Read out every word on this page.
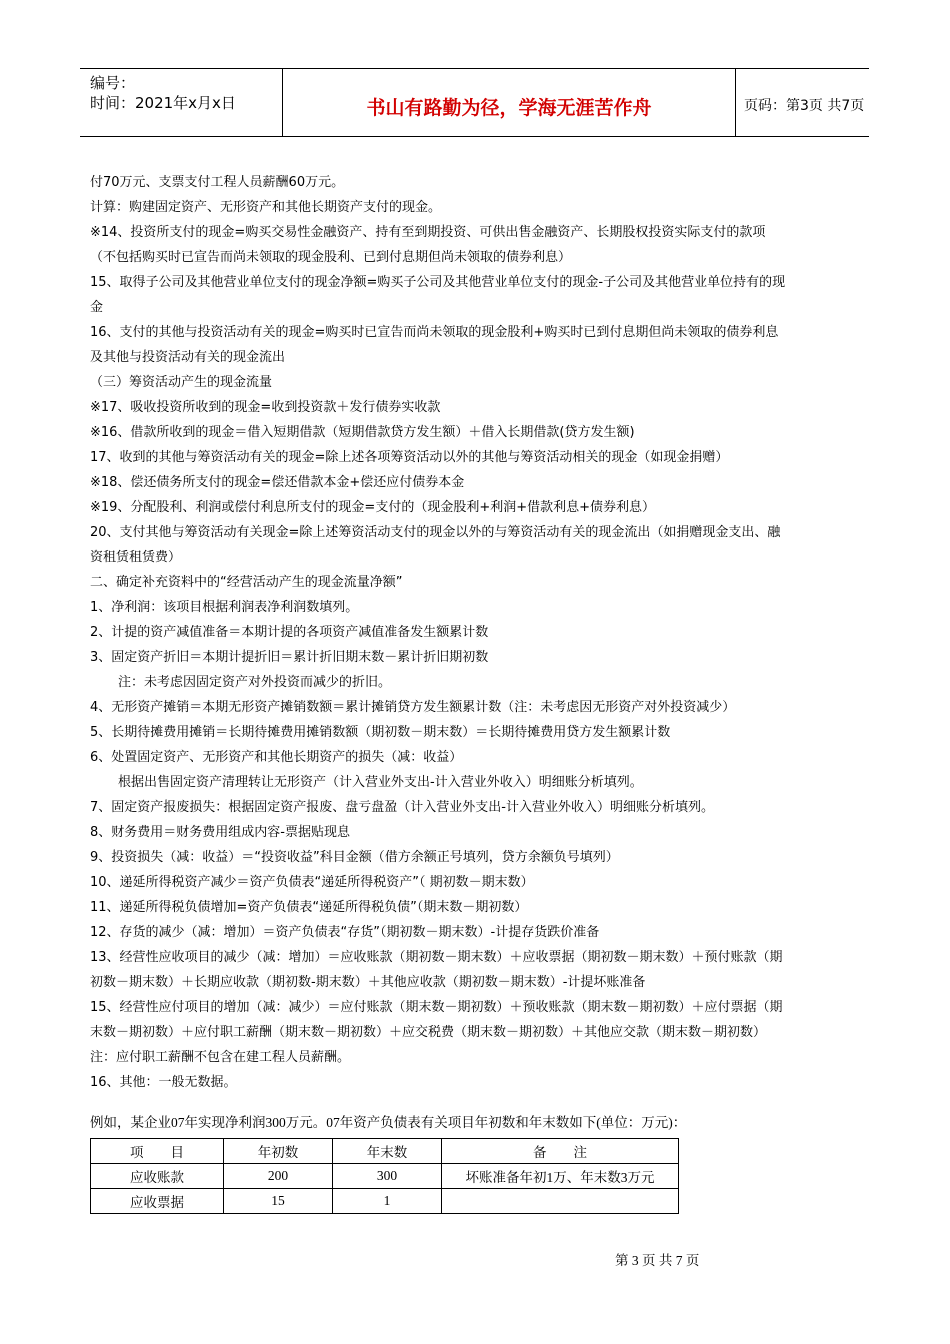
编号：
时间：2021年x月x日	书山有路勤为径，学海无涯苦作舟	页码：第3页 共7页
付70万元、支票支付工程人员薪酬60万元。
计算：购建固定资产、无形资产和其他长期资产支付的现金。
※14、投资所支付的现金=购买交易性金融资产、持有至到期投资、可供出售金融资产、长期股权投资实际支付的款项
（不包括购买时已宣告而尚未领取的现金股利、已到付息期但尚未领取的债券利息）
15、取得子公司及其他营业单位支付的现金净额=购买子公司及其他营业单位支付的现金-子公司及其他营业单位持有的现
金
16、支付的其他与投资活动有关的现金=购买时已宣告而尚未领取的现金股利+购买时已到付息期但尚未领取的债券利息
及其他与投资活动有关的现金流出
（三）筹资活动产生的现金流量
※17、吸收投资所收到的现金=收到投资款＋发行债券实收款
※16、借款所收到的现金＝借入短期借款（短期借款贷方发生额）＋借入长期借款(贷方发生额)
17、收到的其他与筹资活动有关的现金=除上述各项筹资活动以外的其他与筹资活动相关的现金（如现金捐赠）
※18、偿还债务所支付的现金=偿还借款本金+偿还应付债券本金
※19、分配股利、利润或偿付利息所支付的现金=支付的（现金股利+利润+借款利息+债券利息）
20、支付其他与筹资活动有关现金=除上述筹资活动支付的现金以外的与筹资活动有关的现金流出（如捐赠现金支出、融
资租赁租赁费）
二、确定补充资料中的“经营活动产生的现金流量净额”
1、净利润：该项目根据利润表净利润数填列。
2、计提的资产减值准备＝本期计提的各项资产减值准备发生额累计数
3、固定资产折旧＝本期计提折旧＝累计折旧期末数－累计折旧期初数
注：未考虑因固定资产对外投资而减少的折旧。
4、无形资产摊销＝本期无形资产摊销数额＝累计摊销贷方发生额累计数（注：未考虑因无形资产对外投资减少）
5、长期待摊费用摊销＝长期待摊费用摊销数额（期初数－期末数）＝长期待摊费用贷方发生额累计数
6、处置固定资产、无形资产和其他长期资产的损失（减：收益）
根据出售固定资产清理转让无形资产（计入营业外支出-计入营业外收入）明细账分析填列。
7、固定资产报废损失：根据固定资产报废、盘亏盘盈（计入营业外支出-计入营业外收入）明细账分析填列。
8、财务费用＝财务费用组成内容-票据贴现息
9、投资损失（减：收益）＝“投资收益”科目金额（借方余额正号填列，贷方余额负号填列）
10、递延所得税资产减少＝资产负债表“递延所得税资产”（ 期初数－期末数）
11、递延所得税负债增加=资产负债表“递延所得税负债”（期末数－期初数）
12、存货的减少（减：增加）＝资产负债表“存货”（期初数－期末数）-计提存货跌价准备
13、经营性应收项目的减少（减：增加）＝应收账款（期初数－期末数）＋应收票据（期初数－期末数）＋预付账款（期
初数－期末数）＋长期应收款（期初数-期末数）＋其他应收款（期初数－期末数）-计提坏账准备
15、经营性应付项目的增加（减：减少）＝应付账款（期末数－期初数）＋预收账款（期末数－期初数）＋应付票据（期
末数－期初数）＋应付职工薪酬（期末数－期初数）＋应交税费（期末数－期初数）＋其他应交款（期末数－期初数）
注：应付职工薪酬不包含在建工程人员薪酬。
16、其他：一般无数据。
例如，某企业07年实现净利润300万元。07年资产负债表有关项目年初数和年末数如下(单位：万元)：
项　　目	年初数	年末数	备　　注
应收账款	200	300	坏账准备年初1万、年末数3万元
应收票据	15	1	
第 3 页 共 7 页
